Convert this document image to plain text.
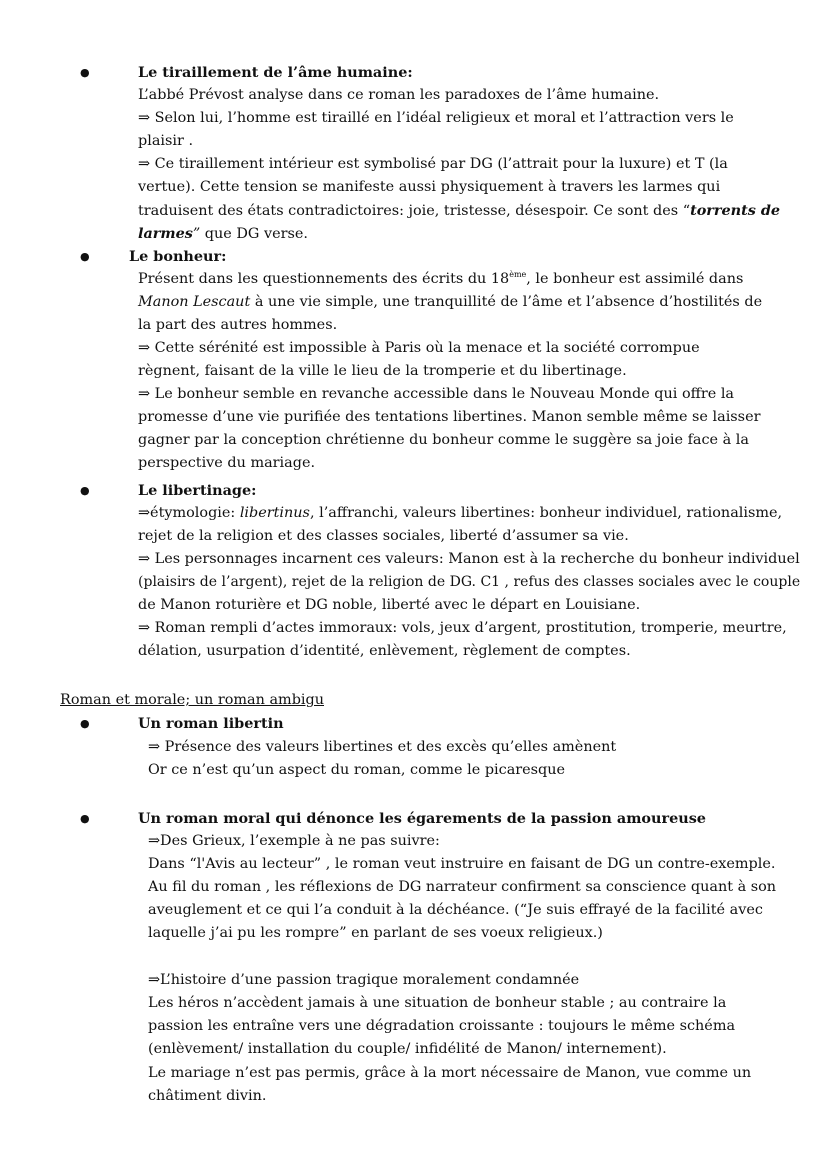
●	Le tiraillement de l’âme humaine:
L’abbé Prévost analyse dans ce roman les paradoxes de l’âme humaine.
⇒ Selon lui, l’homme est tiraillé en l’idéal religieux et moral et l’attraction vers le
plaisir .
⇒ Ce tiraillement intérieur est symbolisé par DG (l’attrait pour la luxure) et T (la
vertue). Cette tension se manifeste aussi physiquement à travers les larmes qui
traduisent des états contradictoires: joie, tristesse, désespoir. Ce sont des “torrents de
larmes” que DG verse.
●	Le bonheur:
Présent dans les questionnements des écrits du 18ème, le bonheur est assimilé dans
Manon Lescaut à une vie simple, une tranquillité de l’âme et l’absence d’hostilités de
la part des autres hommes.
⇒ Cette sérénité est impossible à Paris où la menace et la société corrompue
règnent, faisant de la ville le lieu de la tromperie et du libertinage.
⇒ Le bonheur semble en revanche accessible dans le Nouveau Monde qui offre la
promesse d’une vie purifiée des tentations libertines. Manon semble même se laisser
gagner par la conception chrétienne du bonheur comme le suggère sa joie face à la
perspective du mariage.
●	Le libertinage:
⇒étymologie: libertinus, l’affranchi, valeurs libertines: bonheur individuel, rationalisme,
rejet de la religion et des classes sociales, liberté d’assumer sa vie.
⇒ Les personnages incarnent ces valeurs: Manon est à la recherche du bonheur individuel
(plaisirs de l’argent), rejet de la religion de DG. C1 , refus des classes sociales avec le couple
de Manon roturière et DG noble, liberté avec le départ en Louisiane.
⇒ Roman rempli d’actes immoraux: vols, jeux d’argent, prostitution, tromperie, meurtre,
délation, usurpation d’identité, enlèvement, règlement de comptes.
Roman et morale; un roman ambigu
●	Un roman libertin
⇒ Présence des valeurs libertines et des excès qu’elles amènent
Or ce n’est qu’un aspect du roman, comme le picaresque
●	Un roman moral qui dénonce les égarements de la passion amoureuse
⇒Des Grieux, l’exemple à ne pas suivre:
Dans “l'Avis au lecteur” , le roman veut instruire en faisant de DG un contre-exemple.
Au fil du roman , les réflexions de DG narrateur confirment sa conscience quant à son
aveuglement et ce qui l’a conduit à la déchéance. (“Je suis effrayé de la facilité avec
laquelle j’ai pu les rompre” en parlant de ses voeux religieux.)
⇒L’histoire d’une passion tragique moralement condamnée
Les héros n’accèdent jamais à une situation de bonheur stable ; au contraire la
passion les entraîne vers une dégradation croissante : toujours le même schéma
(enlèvement/ installation du couple/ infidélité de Manon/ internement).
Le mariage n’est pas permis, grâce à la mort nécessaire de Manon, vue comme un
châtiment divin.
